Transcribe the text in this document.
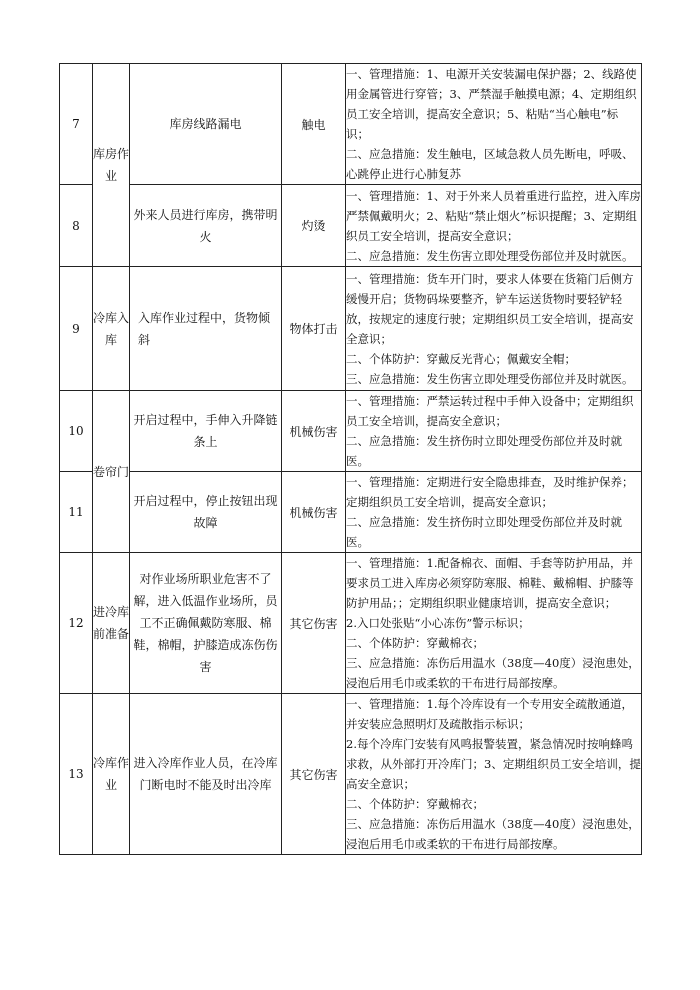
7	库房作业	库房线路漏电	触电	一、管理措施：1、电源开关安装漏电保护器；2、线路使用金属管进行穿管；3、严禁湿手触摸电源；4、定期组织员工安全培训，提高安全意识；5、粘贴“当心触电”标识；
二、应急措施：发生触电，区域急救人员先断电，呼吸、心跳停止进行心肺复苏

8		外来人员进行库房，携带明火	灼烫	一、管理措施：1、对于外来人员着重进行监控，进入库房严禁佩戴明火；2、粘贴“禁止烟火”标识提醒；3、定期组织员工安全培训，提高安全意识；
二、应急措施：发生伤害立即处理受伤部位并及时就医。

9	冷库入库	入库作业过程中，货物倾斜	物体打击	一、管理措施：货车开门时，要求人体要在货箱门后侧方缓慢开启；货物码垛要整齐，铲车运送货物时要轻铲轻放，按规定的速度行驶；定期组织员工安全培训，提高安全意识；
二、个体防护：穿戴反光背心；佩戴安全帽；
三、应急措施：发生伤害立即处理受伤部位并及时就医。

10	卷帘门	开启过程中，手伸入升降链条上	机械伤害	一、管理措施：严禁运转过程中手伸入设备中；定期组织员工安全培训，提高安全意识；
二、应急措施：发生挤伤时立即处理受伤部位并及时就医。

11		开启过程中，停止按钮出现故障	机械伤害	一、管理措施：定期进行安全隐患排查，及时维护保养；定期组织员工安全培训，提高安全意识；
二、应急措施：发生挤伤时立即处理受伤部位并及时就医。

12	进冷库前准备	对作业场所职业危害不了解，进入低温作业场所，员工不正确佩戴防寒服、棉鞋，棉帽，护膝造成冻伤伤害	其它伤害	一、管理措施：1.配备棉衣、面帽、手套等防护用品，并要求员工进入库房必须穿防寒服、棉鞋、戴棉帽、护膝等防护用品；；定期组织职业健康培训，提高安全意识；
2.入口处张贴“小心冻伤”警示标识；
二、个体防护：穿戴棉衣；
三、应急措施：冻伤后用温水（38度—40度）浸泡患处，浸泡后用毛巾或柔软的干布进行局部按摩。

13	冷库作业	进入冷库作业人员，在冷库门断电时不能及时出冷库	其它伤害	一、管理措施：1.每个冷库设有一个专用安全疏散通道，并安装应急照明灯及疏散指示标识；
2.每个冷库门安装有风鸣报警装置，紧急情况时按响蜂鸣求救，从外部打开冷库门；3、定期组织员工安全培训，提高安全意识；
二、个体防护：穿戴棉衣；
三、应急措施：冻伤后用温水（38度—40度）浸泡患处，浸泡后用毛巾或柔软的干布进行局部按摩。
